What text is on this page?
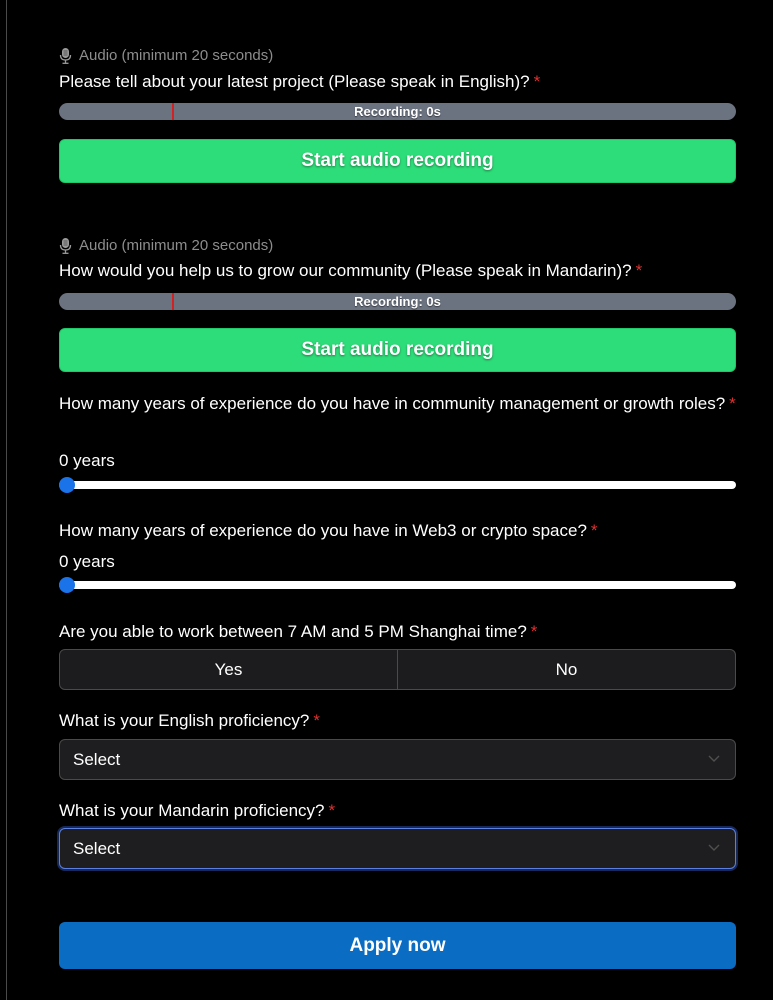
Audio (minimum 20 seconds)
Please tell about your latest project (Please speak in English)? *
Recording: 0s
Start audio recording
Audio (minimum 20 seconds)
How would you help us to grow our community (Please speak in Mandarin)? *
Recording: 0s
Start audio recording
How many years of experience do you have in community management or growth roles? *
0 years
How many years of experience do you have in Web3 or crypto space? *
0 years
Are you able to work between 7 AM and 5 PM Shanghai time? *
Yes	No
What is your English proficiency? *
Select
What is your Mandarin proficiency? *
Select
Apply now
